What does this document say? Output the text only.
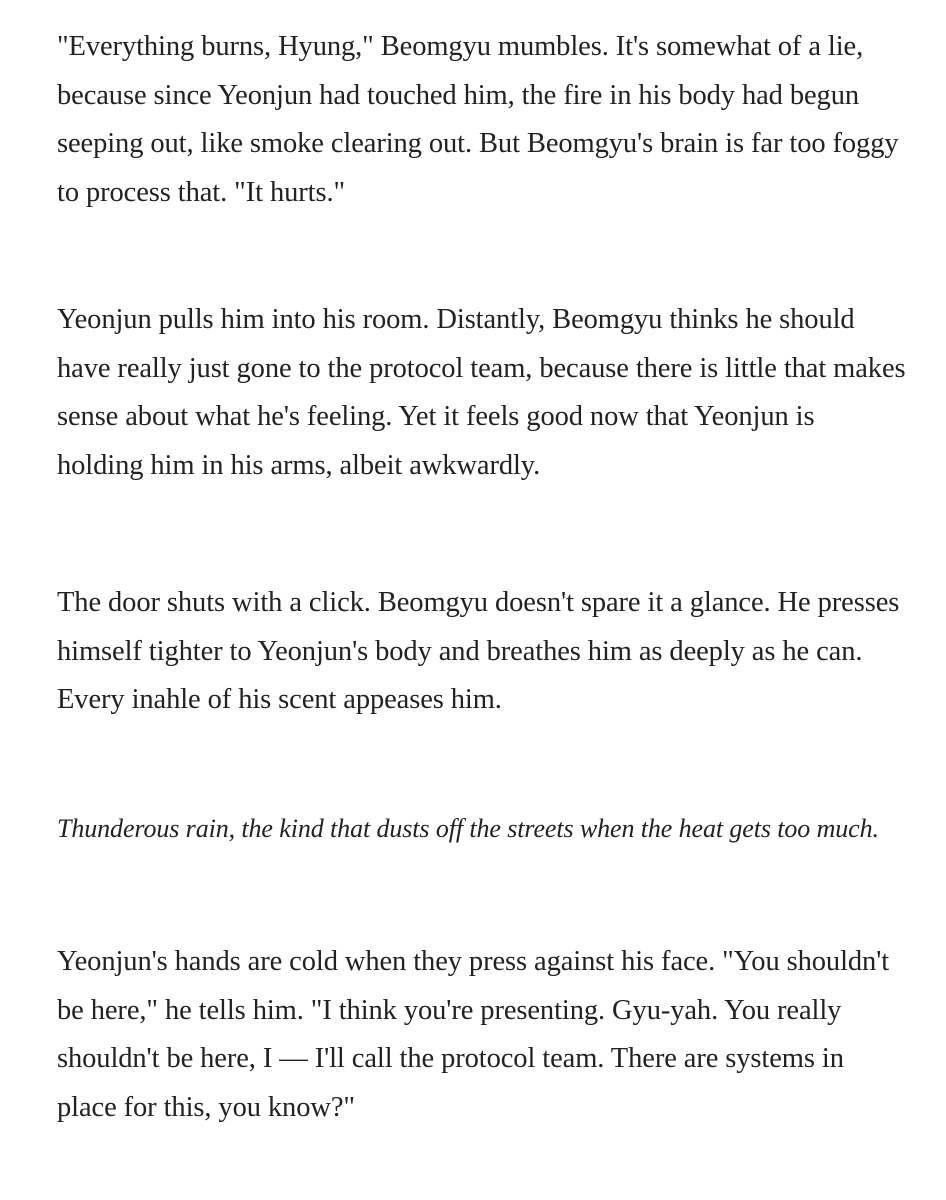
"Everything burns, Hyung," Beomgyu mumbles. It's somewhat of a lie, because since Yeonjun had touched him, the fire in his body had begun seeping out, like smoke clearing out. But Beomgyu's brain is far too foggy to process that. "It hurts."

Yeonjun pulls him into his room. Distantly, Beomgyu thinks he should have really just gone to the protocol team, because there is little that makes sense about what he's feeling. Yet it feels good now that Yeonjun is holding him in his arms, albeit awkwardly.

The door shuts with a click. Beomgyu doesn't spare it a glance. He presses himself tighter to Yeonjun's body and breathes him as deeply as he can. Every inahle of his scent appeases him.

Thunderous rain, the kind that dusts off the streets when the heat gets too much.

Yeonjun's hands are cold when they press against his face. "You shouldn't be here," he tells him. "I think you're presenting. Gyu-yah. You really shouldn't be here, I — I'll call the protocol team. There are systems in place for this, you know?"
